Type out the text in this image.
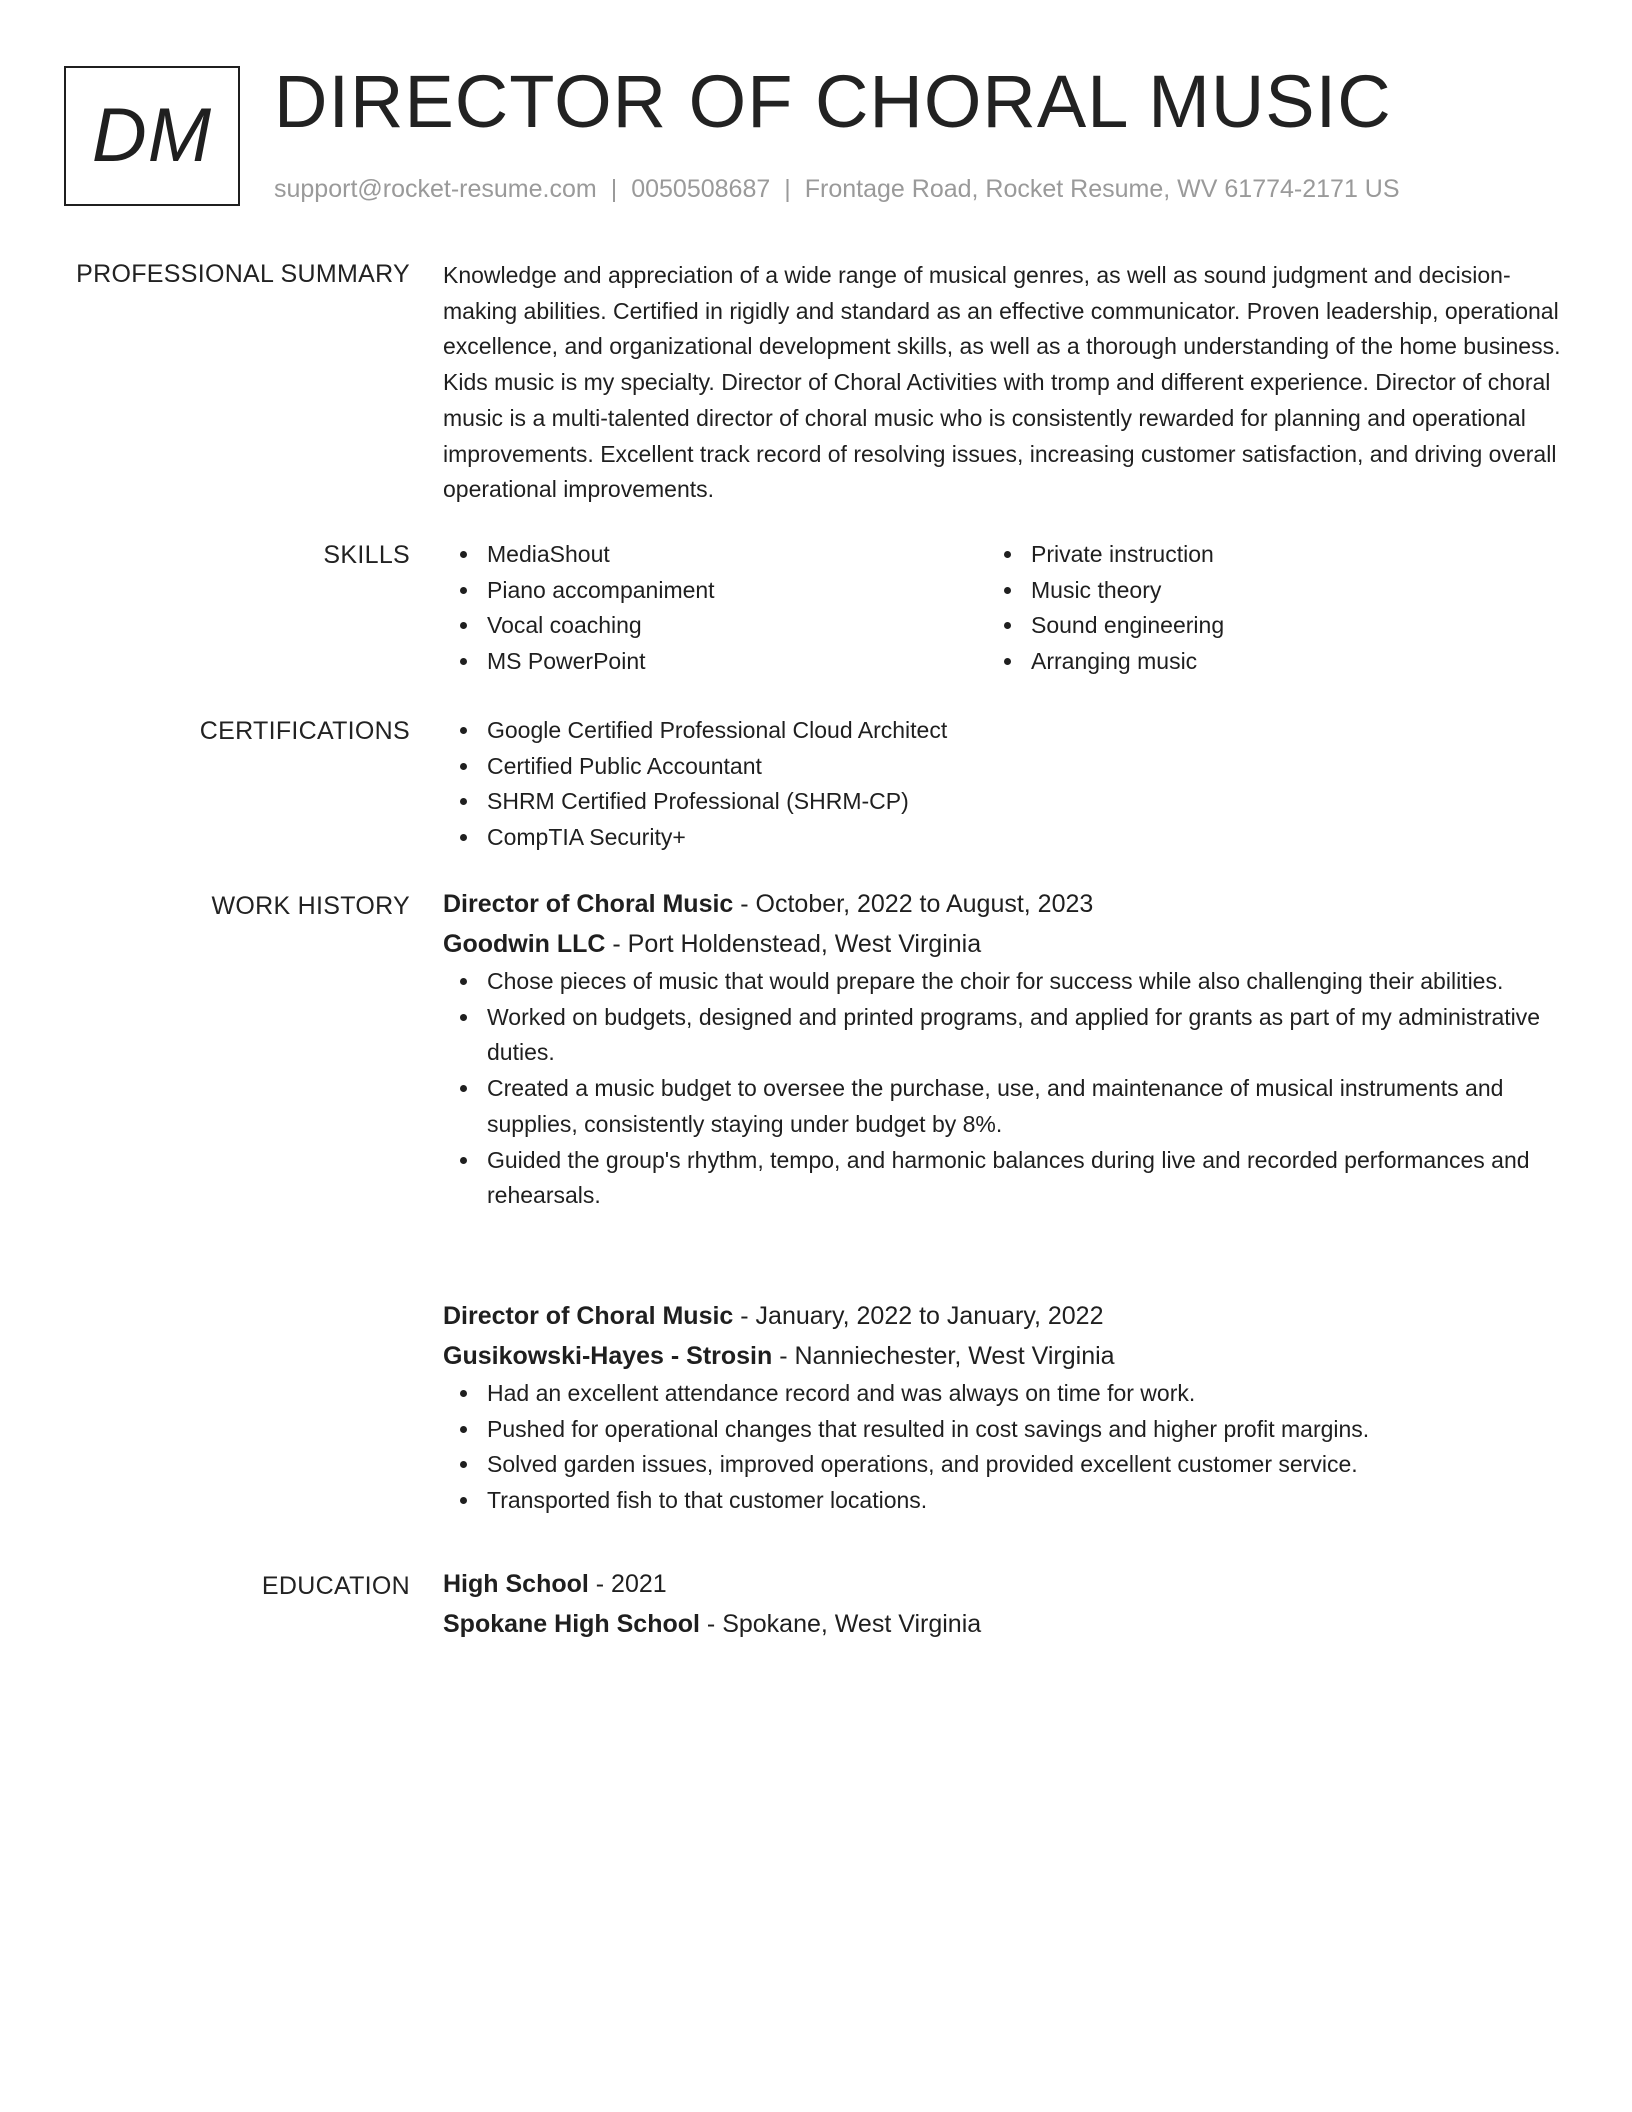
DM DIRECTOR OF CHORAL MUSIC
support@rocket-resume.com | 0050508687 | Frontage Road, Rocket Resume, WV 61774-2171 US
PROFESSIONAL SUMMARY Knowledge and appreciation of a wide range of musical genres, as well as sound judgment and decision-making abilities. Certified in rigidly and standard as an effective communicator. Proven leadership, operational excellence, and organizational development skills, as well as a thorough understanding of the home business. Kids music is my specialty. Director of Choral Activities with tromp and different experience. Director of choral music is a multi-talented director of choral music who is consistently rewarded for planning and operational improvements. Excellent track record of resolving issues, increasing customer satisfaction, and driving overall operational improvements.

SKILLS	MediaShout
Piano accompaniment
Vocal coaching
MS PowerPoint
Private instruction
Music theory
Sound engineering
Arranging music
CERTIFICATIONS	Google Certified Professional Cloud Architect
Certified Public Accountant
SHRM Certified Professional (SHRM-CP)
CompTIA Security+
WORK HISTORY Director of Choral Music - October, 2022 to August, 2023

Goodwin LLC - Port Holdenstead, West Virginia

Chose pieces of music that would prepare the choir for success while also challenging their abilities.
Worked on budgets, designed and printed programs, and applied for grants as part of my administrative duties.
Created a music budget to oversee the purchase, use, and maintenance of musical instruments and supplies, consistently staying under budget by 8%.
Guided the group's rhythm, tempo, and harmonic balances during live and recorded performances and rehearsals.

Director of Choral Music - January, 2022 to January, 2022

Gusikowski-Hayes - Strosin - Nanniechester, West Virginia

Had an excellent attendance record and was always on time for work.
Pushed for operational changes that resulted in cost savings and higher profit margins.
Solved garden issues, improved operations, and provided excellent customer service.
Transported fish to that customer locations.
EDUCATION High School - 2021

Spokane High School - Spokane, West Virginia
